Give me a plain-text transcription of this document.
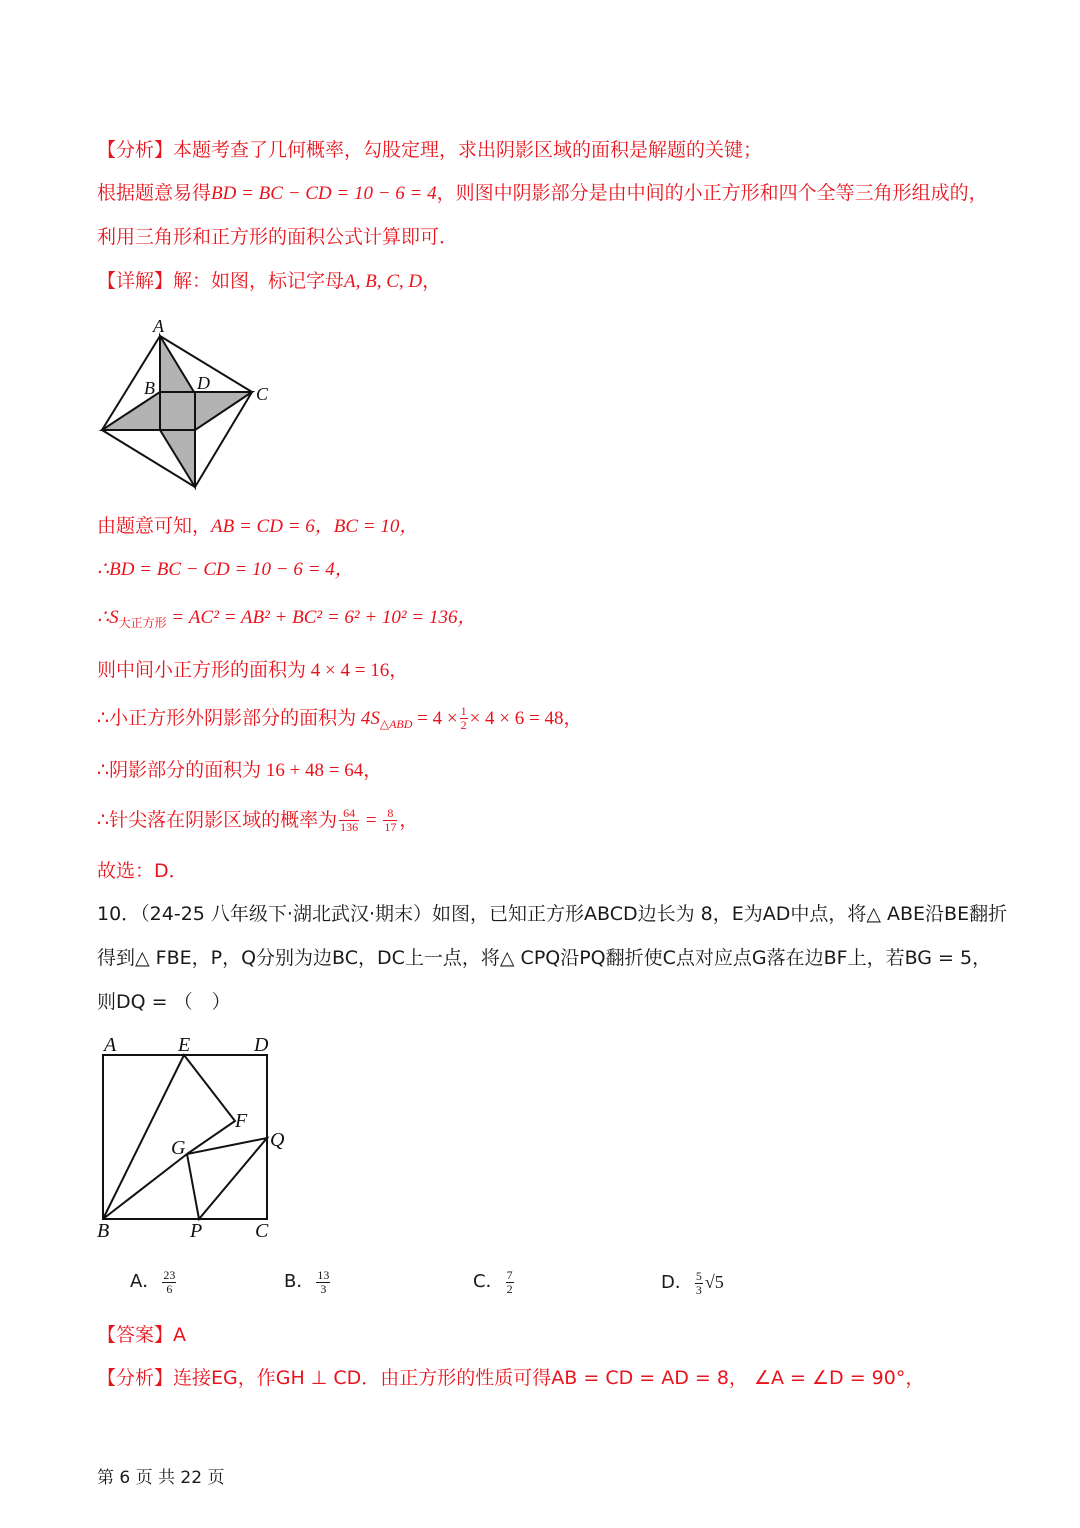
【分析】本题考查了几何概率，勾股定理，求出阴影区域的面积是解题的关键；
根据题意易得BD = BC − CD = 10 − 6 = 4，则图中阴影部分是由中间的小正方形和四个全等三角形组成的，
利用三角形和正方形的面积公式计算即可．
【详解】解：如图，标记字母A, B, C, D，
A
B D
C
由题意可知，AB = CD = 6，BC = 10，
∴BD = BC − CD = 10 − 6 = 4，
$\therefore S_{大正方形} = AC^2 = AB^2 + BC^2 = 6^2 + 10^2 = 136$，
则中间小正方形的面积为 4 × 4 = 16，
∴小正方形外阴影部分的面积为 $4S_{\triangle ABD} = 4 \times \frac{1}{2} \times 4 \times 6 = 48$，
∴阴影部分的面积为 16 + 48 = 64，
∴针尖落在阴影区域的概率为 $\frac{64}{136} = \frac{8}{17}$ ，
故选：D．
10．（24-25 八年级下·湖北武汉·期末）如图，已知正方形ABCD边长为 8，E为AD中点，将△ ABE沿BE翻折
得到△ FBE，P，Q分别为边BC，DC上一点，将△ CPQ沿PQ翻折使C点对应点G落在边BF上，若BG = 5，
则DQ = （　）
A	E	D
F
G	Q
B	P	C
A． $\frac{23}{6}$	B． $\frac{13}{3}$	C． $\frac{7}{2}$	D． $\frac{5}{3} √5$
【答案】A
【分析】连接EG，作GH ⊥ CD．由正方形的性质可得AB = CD = AD = 8， ∠A = ∠D = 90°，
第 6 页 共 22 页
